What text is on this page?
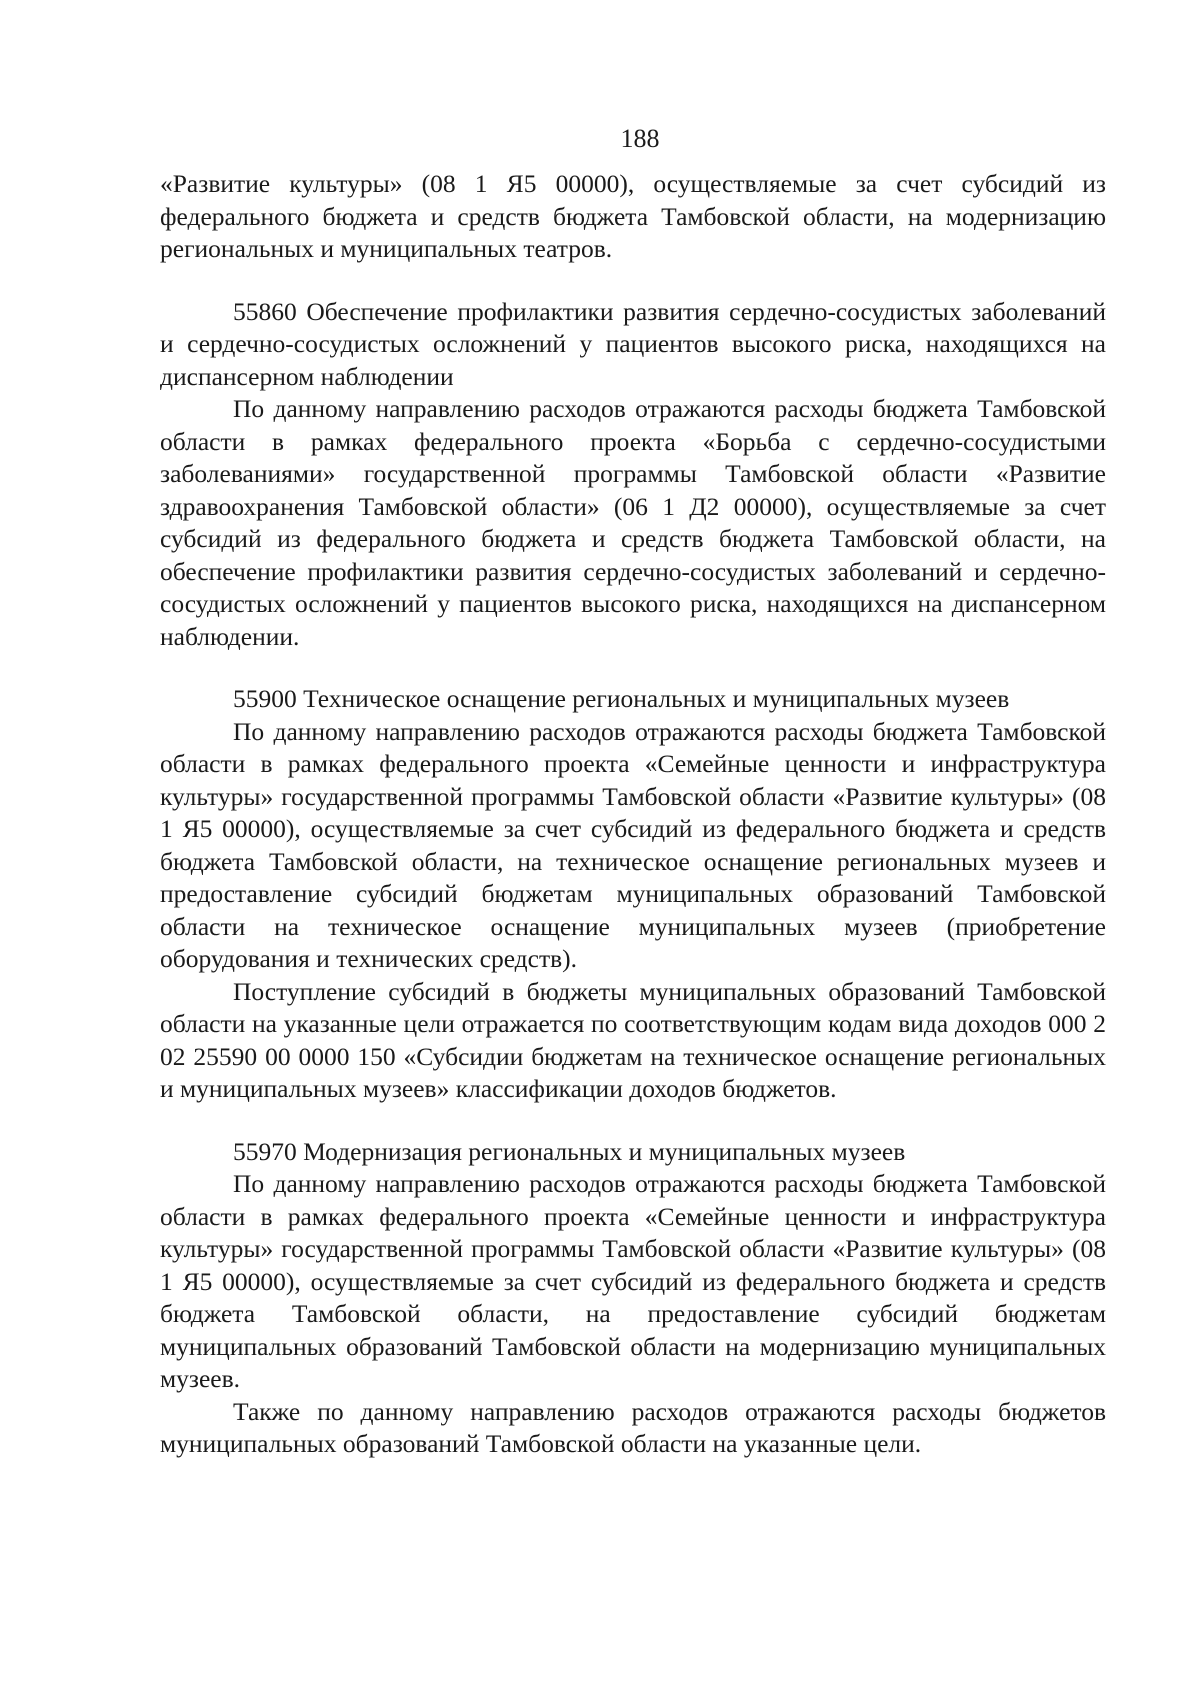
188

«Развитие культуры» (08 1 Я5 00000), осуществляемые за счет субсидий из федерального бюджета и средств бюджета Тамбовской области, на модернизацию региональных и муниципальных театров.

55860 Обеспечение профилактики развития сердечно-сосудистых заболеваний и сердечно-сосудистых осложнений у пациентов высокого риска, находящихся на диспансерном наблюдении

По данному направлению расходов отражаются расходы бюджета Тамбовской области в рамках федерального проекта «Борьба с сердечно-сосудистыми заболеваниями» государственной программы Тамбовской области «Развитие здравоохранения Тамбовской области» (06 1 Д2 00000), осуществляемые за счет субсидий из федерального бюджета и средств бюджета Тамбовской области, на обеспечение профилактики развития сердечно-сосудистых заболеваний и сердечно-сосудистых осложнений у пациентов высокого риска, находящихся на диспансерном наблюдении.

55900 Техническое оснащение региональных и муниципальных музеев

По данному направлению расходов отражаются расходы бюджета Тамбовской области в рамках федерального проекта «Семейные ценности и инфраструктура культуры» государственной программы Тамбовской области «Развитие культуры» (08 1 Я5 00000), осуществляемые за счет субсидий из федерального бюджета и средств бюджета Тамбовской области, на техническое оснащение региональных музеев и предоставление субсидий бюджетам муниципальных образований Тамбовской области на техническое оснащение муниципальных музеев (приобретение оборудования и технических средств).

Поступление субсидий в бюджеты муниципальных образований Тамбовской области на указанные цели отражается по соответствующим кодам вида доходов 000 2 02 25590 00 0000 150 «Субсидии бюджетам на техническое оснащение региональных и муниципальных музеев» классификации доходов бюджетов.

55970 Модернизация региональных и муниципальных музеев

По данному направлению расходов отражаются расходы бюджета Тамбовской области в рамках федерального проекта «Семейные ценности и инфраструктура культуры» государственной программы Тамбовской области «Развитие культуры» (08 1 Я5 00000), осуществляемые за счет субсидий из федерального бюджета и средств бюджета Тамбовской области, на предоставление субсидий бюджетам муниципальных образований Тамбовской области на модернизацию муниципальных музеев.

Также по данному направлению расходов отражаются расходы бюджетов муниципальных образований Тамбовской области на указанные цели.
